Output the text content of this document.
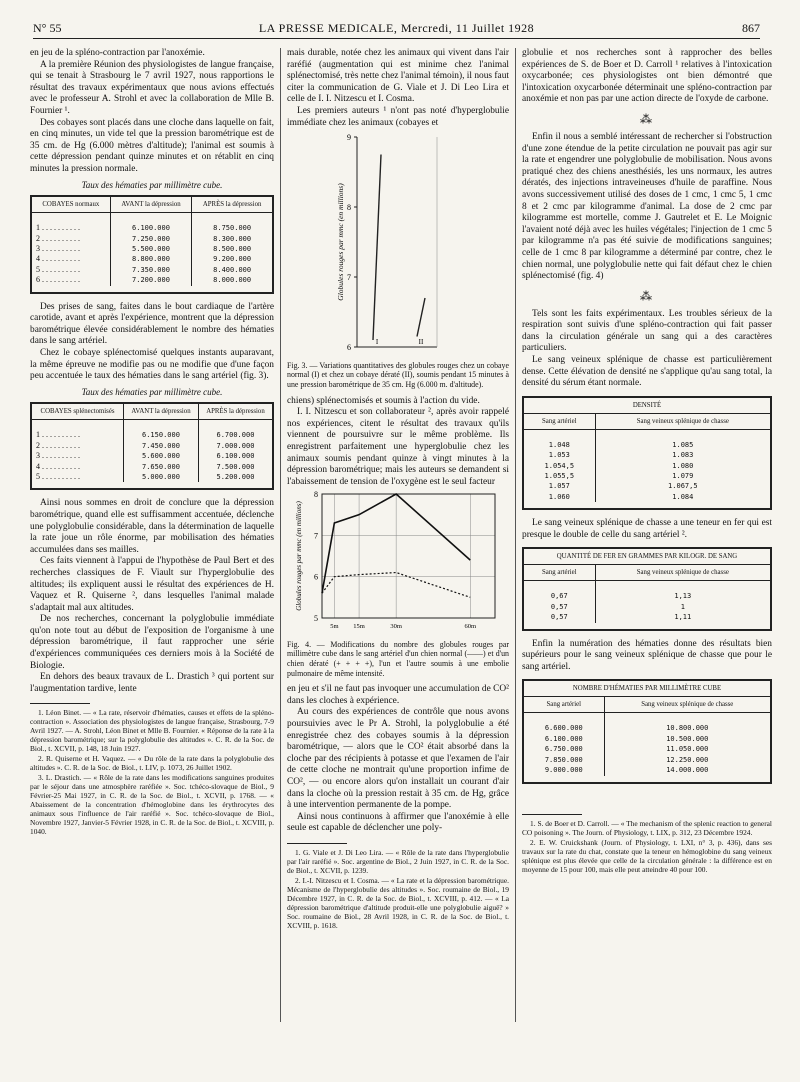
N° 55	LA PRESSE MEDICALE, Mercredi, 11 Juillet 1928	867

en jeu de la spléno-contraction par l'anoxémie.

A la première Réunion des physiologistes de langue française, qui se tenait à Strasbourg le 7 avril 1927, nous rapportions le résultat des travaux expérimentaux que nous avions effectués avec le professeur A. Strohl et avec la collaboration de Mlle B. Fournier ¹.

Des cobayes sont placés dans une cloche dans laquelle on fait, en cinq minutes, un vide tel que la pression barométrique est de 35 cm. de Hg (6.000 mètres d'altitude); l'animal est soumis à cette dépression pendant quinze minutes et on rétablit en cinq minutes la pression normale.

Taux des hématies par millimètre cube.
COBAYES normaux	AVANT la dépression	APRÈS la dépression
1 . . . . . . . . . .	6.100.000	8.750.000
2 . . . . . . . . . .	7.250.000	8.300.000
3 . . . . . . . . . .	5.500.000	8.500.000
4 . . . . . . . . . .	8.800.000	9.200.000
5 . . . . . . . . . .	7.350.000	8.400.000
6 . . . . . . . . . .	7.200.000	8.000.000

Des prises de sang, faites dans le bout cardiaque de l'artère carotide, avant et après l'expérience, montrent que la dépression barométrique élevée considérablement le nombre des hématies dans le sang artériel.

Chez le cobaye splénectomisé quelques instants auparavant, la même épreuve ne modifie pas ou ne modifie que d'une façon peu accentuée le taux des hématies dans le sang artériel (fig. 3).

Taux des hématies par millimètre cube.
COBAYES splénectomisés	AVANT la dépression	APRÈS la dépression
1 . . . . . . . . . .	6.150.000	6.700.000
2 . . . . . . . . . .	7.450.000	7.000.000
3 . . . . . . . . . .	5.600.000	6.100.000
4 . . . . . . . . . .	7.650.000	7.500.000
5 . . . . . . . . . .	5.000.000	5.200.000

Ainsi nous sommes en droit de conclure que la dépression barométrique, quand elle est suffisamment accentuée, déclenche une polyglobulie considérable, dans la détermination de laquelle la rate joue un rôle énorme, par mobilisation des hématies accumulées dans ses mailles.

Ces faits viennent à l'appui de l'hypothèse de Paul Bert et des recherches classiques de F. Viault sur l'hyperglobulie des altitudes; ils expliquent aussi le résultat des expériences de H. Vaquez et R. Quiserne ², dans lesquelles l'animal malade s'adaptait mal aux altitudes.

De nos recherches, concernant la polyglobulie immédiate qu'on note tout au début de l'exposition de l'organisme à une dépression barométrique, il faut rapprocher une série d'expériences communiquées ces derniers mois à la Société de Biologie.

En dehors des beaux travaux de L. Drastich ³ qui portent sur l'augmentation tardive, lente

1. Léon Binet. — « La rate, réservoir d'hématies, causes et effets de la spléno-contraction ». Association des physiologistes de langue française, Strasbourg, 7-9 Avril 1927. — A. Strohl, Léon Binet et Mlle B. Fournier. « Réponse de la rate à la dépression barométrique; sur la polyglobulie des altitudes ». C. R. de la Soc. de Biol., t. XCVII, p. 148, 18 Juin 1927.

2. R. Quiserne et H. Vaquez. — « Du rôle de la rate dans la polyglobulie des altitudes ». C. R. de la Soc. de Biol., t. LIV, p. 1073, 26 Juillet 1902.

3. L. Drastich. — « Rôle de la rate dans les modifications sanguines produites par le séjour dans une atmosphère raréfiée ». Soc. tchéco-slovaque de Biol., 9 Février-25 Mai 1927, in C. R. de la Soc. de Biol., t. XCVII, p. 1768. — « Abaissement de la concentration d'hémoglobine dans les érythrocytes des animaux sous l'influence de l'air raréfié ». Soc. tchéco-slovaque de Biol., Novembre 1927, Janvier-5 Février 1928, in C. R. de la Soc. de Biol., t. XCVIII, p. 1040.

mais durable, notée chez les animaux qui vivent dans l'air raréfié (augmentation qui est minime chez l'animal splénectomisé, très nette chez l'animal témoin), il nous faut citer la communication de G. Viale et J. Di Leo Lira et celle de I. I. Nitzescu et I. Cosma.

Les premiers auteurs ¹ n'ont pas noté d'hyperglobulie immédiate chez les animaux (cobayes et

6
7
8
9
Globules rouges par mmc (en millions)
I	II
Fig. 3. — Variations quantitatives des globules rouges chez un cobaye normal (I) et chez un cobaye dératé (II), soumis pendant 15 minutes à une pression barométrique de 35 cm. Hg (6.000 m. d'altitude).

chiens) splénectomisés et soumis à l'action du vide.

I. I. Nitzescu et son collaborateur ², après avoir rappelé nos expériences, citent le résultat des travaux qu'ils viennent de poursuivre sur le même problème. Ils enregistrent parfaitement une hyperglobulie chez les animaux soumis pendant quinze à vingt minutes à la dépression barométrique; mais les auteurs se demandent si l'abaissement de tension de l'oxygène est le seul facteur

5
6
7
8
5m 15m	30m	60m
Globules rouges par mmc (en millions)
Fig. 4. — Modifications du nombre des globules rouges par millimètre cube dans le sang artériel d'un chien normal (——) et d'un chien dératé (+ + + +), l'un et l'autre soumis à une embolie pulmonaire de même intensité.

en jeu et s'il ne faut pas invoquer une accumulation de CO² dans les cloches à expérience.

Au cours des expériences de contrôle que nous avons poursuivies avec le Pr A. Strohl, la polyglobulie a été enregistrée chez des cobayes soumis à la dépression barométrique, — alors que le CO² était absorbé dans la cloche par des récipients à potasse et que l'examen de l'air de cette cloche ne montrait qu'une proportion infime de CO², — ou encore alors qu'on installait un courant d'air dans la cloche où la pression restait à 35 cm. de Hg, grâce à une intervention permanente de la pompe.

Ainsi nous continuons à affirmer que l'anoxémie à elle seule est capable de déclencher une poly-

1. G. Viale et J. Di Leo Lira. — « Rôle de la rate dans l'hyperglobulie par l'air raréfié ». Soc. argentine de Biol., 2 Juin 1927, in C. R. de la Soc. de Biol., t. XCVII, p. 1239.

2. I.-I. Nitzescu et I. Cosma. — « La rate et la dépression barométrique. Mécanisme de l'hyperglobulie des altitudes ». Soc. roumaine de Biol., 19 Décembre 1927, in C. R. de la Soc. de Biol., t. XCVIII, p. 412. — « La dépression barométrique d'altitude produit-elle une polyglobulie aiguë? » Soc. roumaine de Biol., 28 Avril 1928, in C. R. de la Soc. de Biol., t. XCVIII, p. 1618.

globulie et nos recherches sont à rapprocher des belles expériences de S. de Boer et D. Carroll ¹ relatives à l'intoxication oxycarbonée; ces physiologistes ont bien démontré que l'intoxication oxycarbonée déterminait une spléno-contraction par anoxémie et non pas par une action directe de l'oxyde de carbone.

⁂

Enfin il nous a semblé intéressant de rechercher si l'obstruction d'une zone étendue de la petite circulation ne pouvait pas agir sur la rate et engendrer une polyglobulie de mobilisation. Nous avons pratiqué chez des chiens anesthésiés, les uns normaux, les autres dératés, des injections intraveineuses d'huile de paraffine. Nous avons successivement utilisé des doses de 1 cmc, 1 cmc 5, 1 cmc 8 et 2 cmc par kilogramme d'animal. La dose de 2 cmc par kilogramme est mortelle, comme J. Gautrelet et E. Le Moignic l'avaient noté déjà avec les huiles végétales; l'injection de 1 cmc 5 par kilogramme n'a pas été suivie de modifications sanguines; celle de 1 cmc 8 par kilogramme a déterminé par contre, chez le chien normal, une polyglobulie nette qui fait défaut chez le chien splénectomisé (fig. 4)

⁂

Tels sont les faits expérimentaux. Les troubles sérieux de la respiration sont suivis d'une spléno-contraction qui fait passer dans la circulation générale un sang qui a des caractères particuliers.

Le sang veineux splénique de chasse est particulièrement dense. Cette élévation de densité ne s'applique qu'au sang total, la densité du sérum étant normale.

DENSITÉ	
Sang artériel	Sang veineux splénique de chasse
1.048	1.085
1.053	1.083
1.054,5	1.080
1.055,5	1.079
1.057	1.067,5
1.060	1.084

Le sang veineux splénique de chasse a une teneur en fer qui est presque le double de celle du sang artériel ².

QUANTITÉ DE FER EN GRAMMES PAR KILOGR. DE SANG	
Sang artériel	Sang veineux splénique de chasse
0,67	1,13
0,57	1
0,57	1,11

Enfin la numération des hématies donne des résultats bien supérieurs pour le sang veineux splénique de chasse que pour le sang artériel.

NOMBRE D'HÉMATIES PAR MILLIMÈTRE CUBE	
Sang artériel	Sang veineux splénique de chasse
6.600.000	10.800.000
6.100.000	10.500.000
6.750.000	11.050.000
7.850.000	12.250.000
9.000.000	14.000.000

1. S. de Boer et D. Carroll. — « The mechanism of the splenic reaction to general CO poisoning ». The Journ. of Physiology, t. LIX, p. 312, 23 Décembre 1924.

2. E. W. Cruickshank (Journ. of Physiology, t. LXI, n° 3, p. 436), dans ses travaux sur la rate du chat, constate que la teneur en hémoglobine du sang veineux splénique est plus élevée que celle de la circulation générale : la différence est en moyenne de 15 pour 100, mais elle peut atteindre 40 pour 100.
